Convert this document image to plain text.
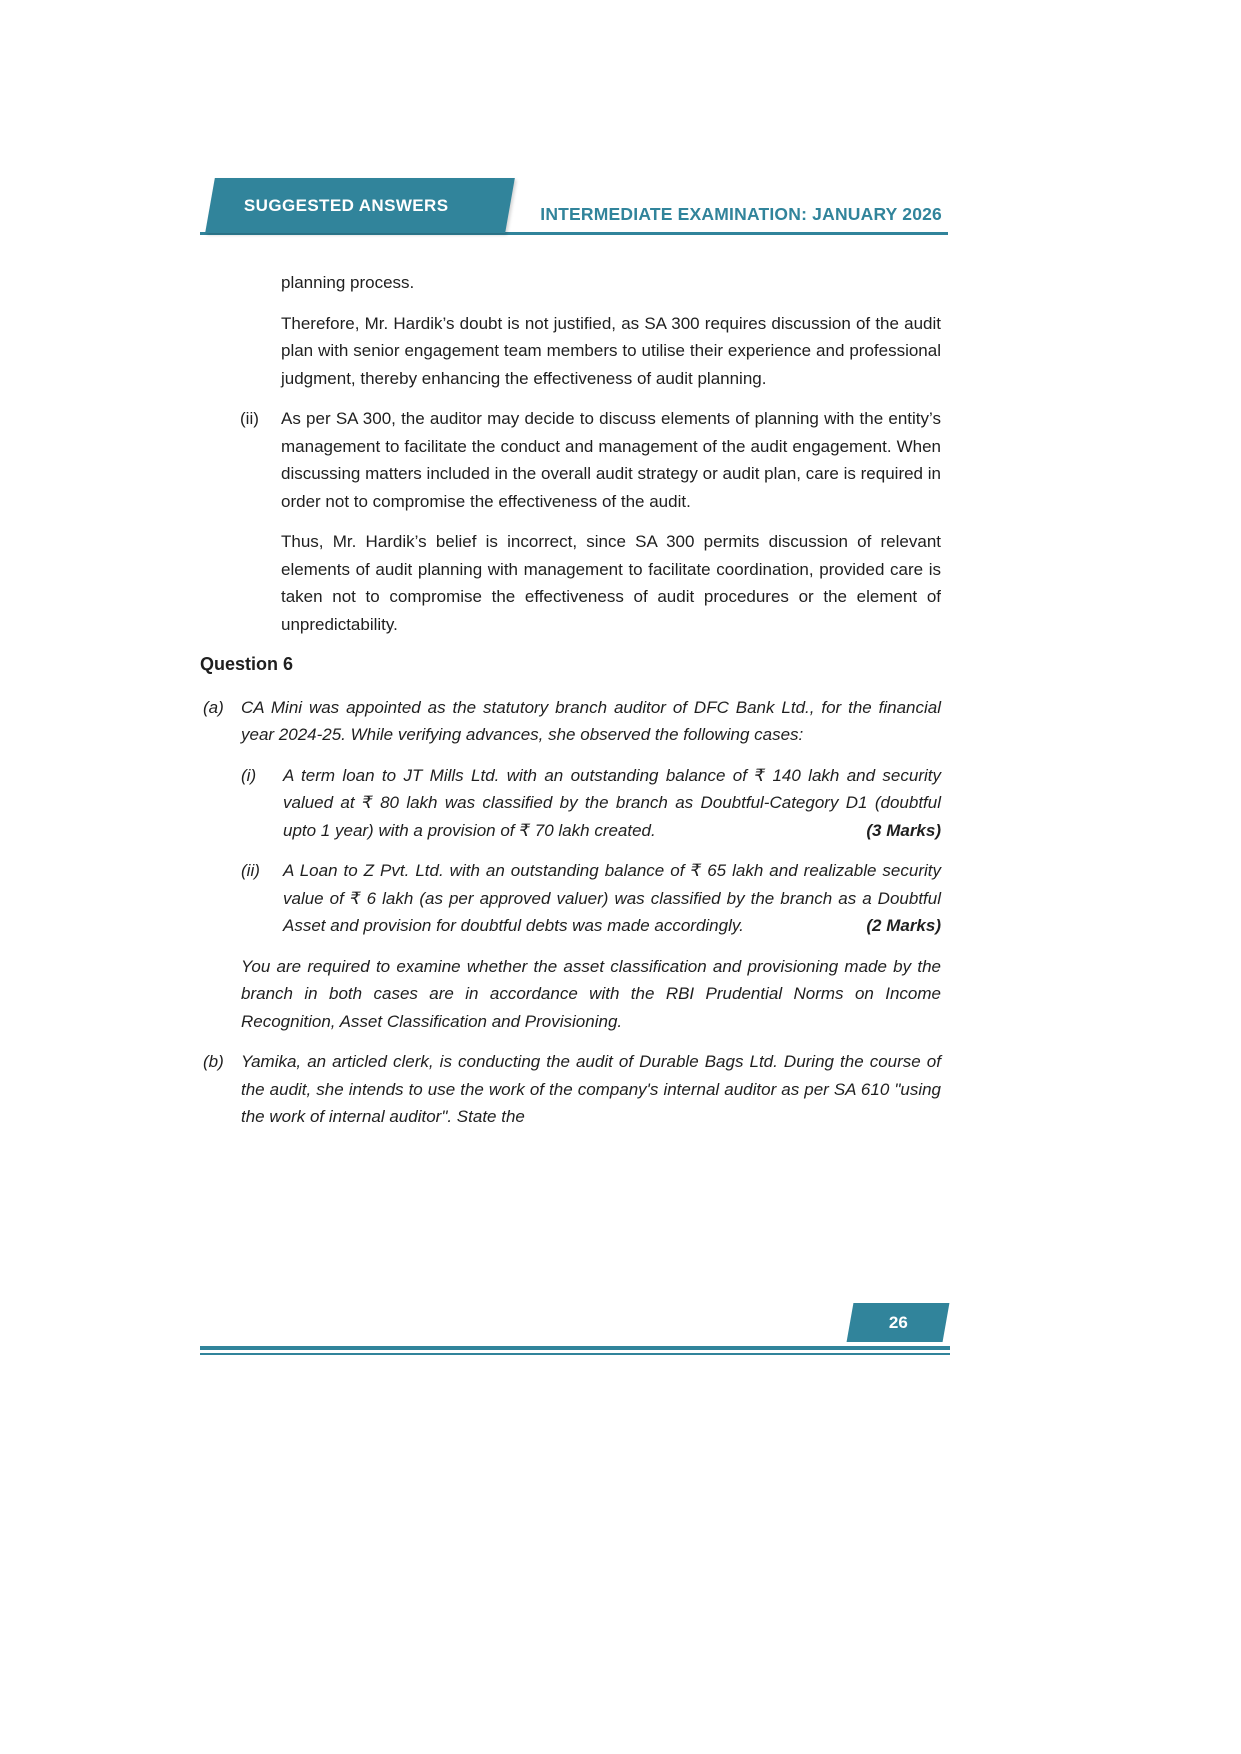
SUGGESTED ANSWERS	INTERMEDIATE EXAMINATION: JANUARY 2026

planning process.

Therefore, Mr. Hardik’s doubt is not justified, as SA 300 requires discussion of the audit plan with senior engagement team members to utilise their experience and professional judgment, thereby enhancing the effectiveness of audit planning.

(ii) As per SA 300, the auditor may decide to discuss elements of planning with the entity’s management to facilitate the conduct and management of the audit engagement. When discussing matters included in the overall audit strategy or audit plan, care is required in order not to compromise the effectiveness of the audit.

Thus, Mr. Hardik’s belief is incorrect, since SA 300 permits discussion of relevant elements of audit planning with management to facilitate coordination, provided care is taken not to compromise the effectiveness of audit procedures or the element of unpredictability.

Question 6
(a) CA Mini was appointed as the statutory branch auditor of DFC Bank Ltd., for the financial year 2024-25. While verifying advances, she observed the following cases:

(i) A term loan to JT Mills Ltd. with an outstanding balance of ₹ 140 lakh and security valued at ₹ 80 lakh was classified by the branch as Doubtful-Category D1 (doubtful upto 1 year) with a provision of ₹ 70 lakh created.	(3 Marks)

(ii) A Loan to Z Pvt. Ltd. with an outstanding balance of ₹ 65 lakh and realizable security value of ₹ 6 lakh (as per approved valuer) was classified by the branch as a Doubtful Asset and provision for doubtful debts was made accordingly.	(2 Marks)

You are required to examine whether the asset classification and provisioning made by the branch in both cases are in accordance with the RBI Prudential Norms on Income Recognition, Asset Classification and Provisioning.

(b) Yamika, an articled clerk, is conducting the audit of Durable Bags Ltd. During the course of the audit, she intends to use the work of the company's internal auditor as per SA 610 "using the work of internal auditor". State the

26
